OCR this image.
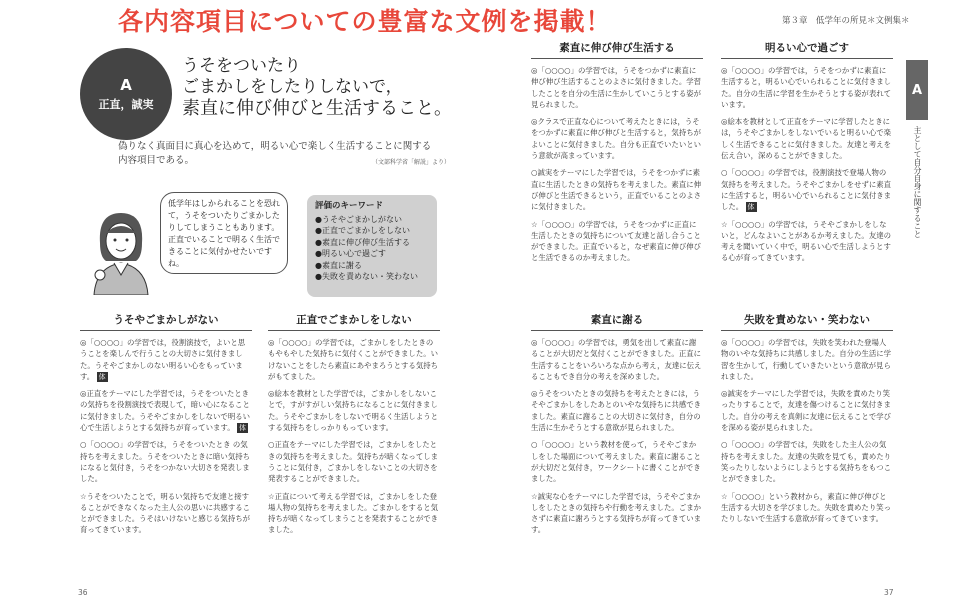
各内容項目についての豊富な文例を掲載！	第３章　低学年の所見＊文例集＊
A
主として自分自身に関すること
A
正直，誠実
うそをついたり
ごまかしをしたりしないで，
素直に伸び伸びと生活すること。
偽りなく真面目に真心を込めて，明るい心で楽しく生活することに関する内容項目である。	（文部科学省「解説」より）
低学年はしかられることを恐れて，うそをついたりごまかしたりしてしまうこともあります。正直でいることで明るく生活できることに気付かせたいですね。
評価のキーワード
●うそやごまかしがない
●正直でごまかしをしない
●素直に伸び伸び生活する
●明るい心で過ごす
●素直に謝る
●失敗を責めない・笑わない
うそやごまかしがない
◎「○○○○」の学習では，役割演技で，よいと思うことを楽しんで行うことの大切さに気付きました。うそやごまかしのない明るい心をもっています。 体
◎正直をテーマにした学習では，うそをついたときの気持ちを役割演技で表現して，暗い心になることに気付きました。うそやごまかしをしないで明るい心で生活しようとする気持ちが育っています。 体
○「○○○○」の学習では，うそをついたとき の気持ちを考えました。うそをついたときに暗い気持ちになると気付き，うそをつかない大切さを発表しました。
☆うそをついたことで，明るい気持ちで友達と接することができなくなった主人公の思いに共感することができました。うそはいけないと感じる気持ちが育ってきています。
正直でごまかしをしない
◎「○○○○」の学習では，ごまかしをしたときのもやもやした気持ちに気付くことができました。いけないことをしたら素直にあやまろうとする気持ちがもてました。
◎絵本を教材とした学習では，ごまかしをしないことで，すがすがしい気持ちになることに気付きました。うそやごまかしをしないで明るく生活しようとする気持ちをしっかりもっています。
○正直をテーマにした学習では，ごまかしをしたときの気持ちを考えました。気持ちが暗くなってしまうことに気付き，ごまかしをしないことの大切さを発表することができました。
☆正直について考える学習では，ごまかしをした登場人物の気持ちを考えました。ごまかしをすると気持ちが暗くなってしまうことを発表することができました。
素直に伸び伸び生活する
◎「○○○○」の学習では，うそをつかずに素直に伸び伸び生活することのよさに気付きました。学習したことを自分の生活に生かしていこうとする姿が見られました。
◎クラスで正直な心について考えたときには，うそをつかずに素直に伸び伸びと生活すると，気持ちがよいことに気付きました。自分も正直でいたいという意欲が高まっています。
○誠実をテーマにした学習では，うそをつかずに素直に生活したときの気持ちを考えました。素直に伸び伸びと生活できるという，正直でいることのよさに気付きました。
☆「○○○○」の学習では，うそをつかずに正直に生活したときの気持ちについて友達と話し合うことができました。正直でいると，なぜ素直に伸び伸びと生活できるのか考えました。
明るい心で過ごす
◎「○○○○」の学習では，うそをつかずに素直に生活すると，明るい心でいられることに気付きました。自分の生活に学習を生かそうとする姿が表れています。
◎絵本を教材として正直をテーマに学習したときには，うそやごまかしをしないでいると明るい心で楽しく生活できることに気付きました。友達と考えを伝え合い，深めることができました。
○「○○○○」の学習では，役割演技で登場人物の気持ちを考えました。うそやごまかしをせずに素直に生活すると，明るい心でいられることに気付きました。 体
☆「○○○○」の学習では，うそやごまかしをしないと，どんなよいことがあるか考えました。友達の考えを聞いていく中で，明るい心で生活しようとする心が育ってきています。
素直に謝る
◎「○○○○」の学習では，勇気を出して素直に謝ることが大切だと気付くことができました。正直に生活することをいろいろな点から考え，友達に伝えることもでき自分の考えを深めました。
◎うそをついたときの気持ちを考えたときには，うそやごまかしをしたあとのいやな気持ちに共感できました。素直に謝ることの大切さに気付き，自分の生活に生かそうとする意欲が見られました。
○「○○○○」という教材を使って，うそやごまかしをした場面について考えました。素直に謝ることが大切だと気付き，ワークシートに書くことができました。
☆誠実な心をテーマにした学習では，うそやごまかしをしたときの気持ちや行動を考えました。ごまかさずに素直に謝ろうとする気持ちが育ってきています。
失敗を責めない・笑わない
◎「○○○○」の学習では，失敗を笑われた登場人物のいやな気持ちに共感しました。自分の生活に学習を生かして，行動していきたいという意欲が見られました。
◎誠実をテーマにした学習では，失敗を責めたり笑ったりすることで，友達を傷つけることに気付きました。自分の考えを真剣に友達に伝えることで学びを深める姿が見られました。
○「○○○○」の学習では，失敗をした主人公の気持ちを考えました。友達の失敗を見ても，責めたり笑ったりしないようにしようとする気持ちをもつことができました。
☆「○○○○」という教材から，素直に伸び伸びと生活する大切さを学びました。失敗を責めたり笑ったりしないで生活する意欲が育ってきています。
36	37
